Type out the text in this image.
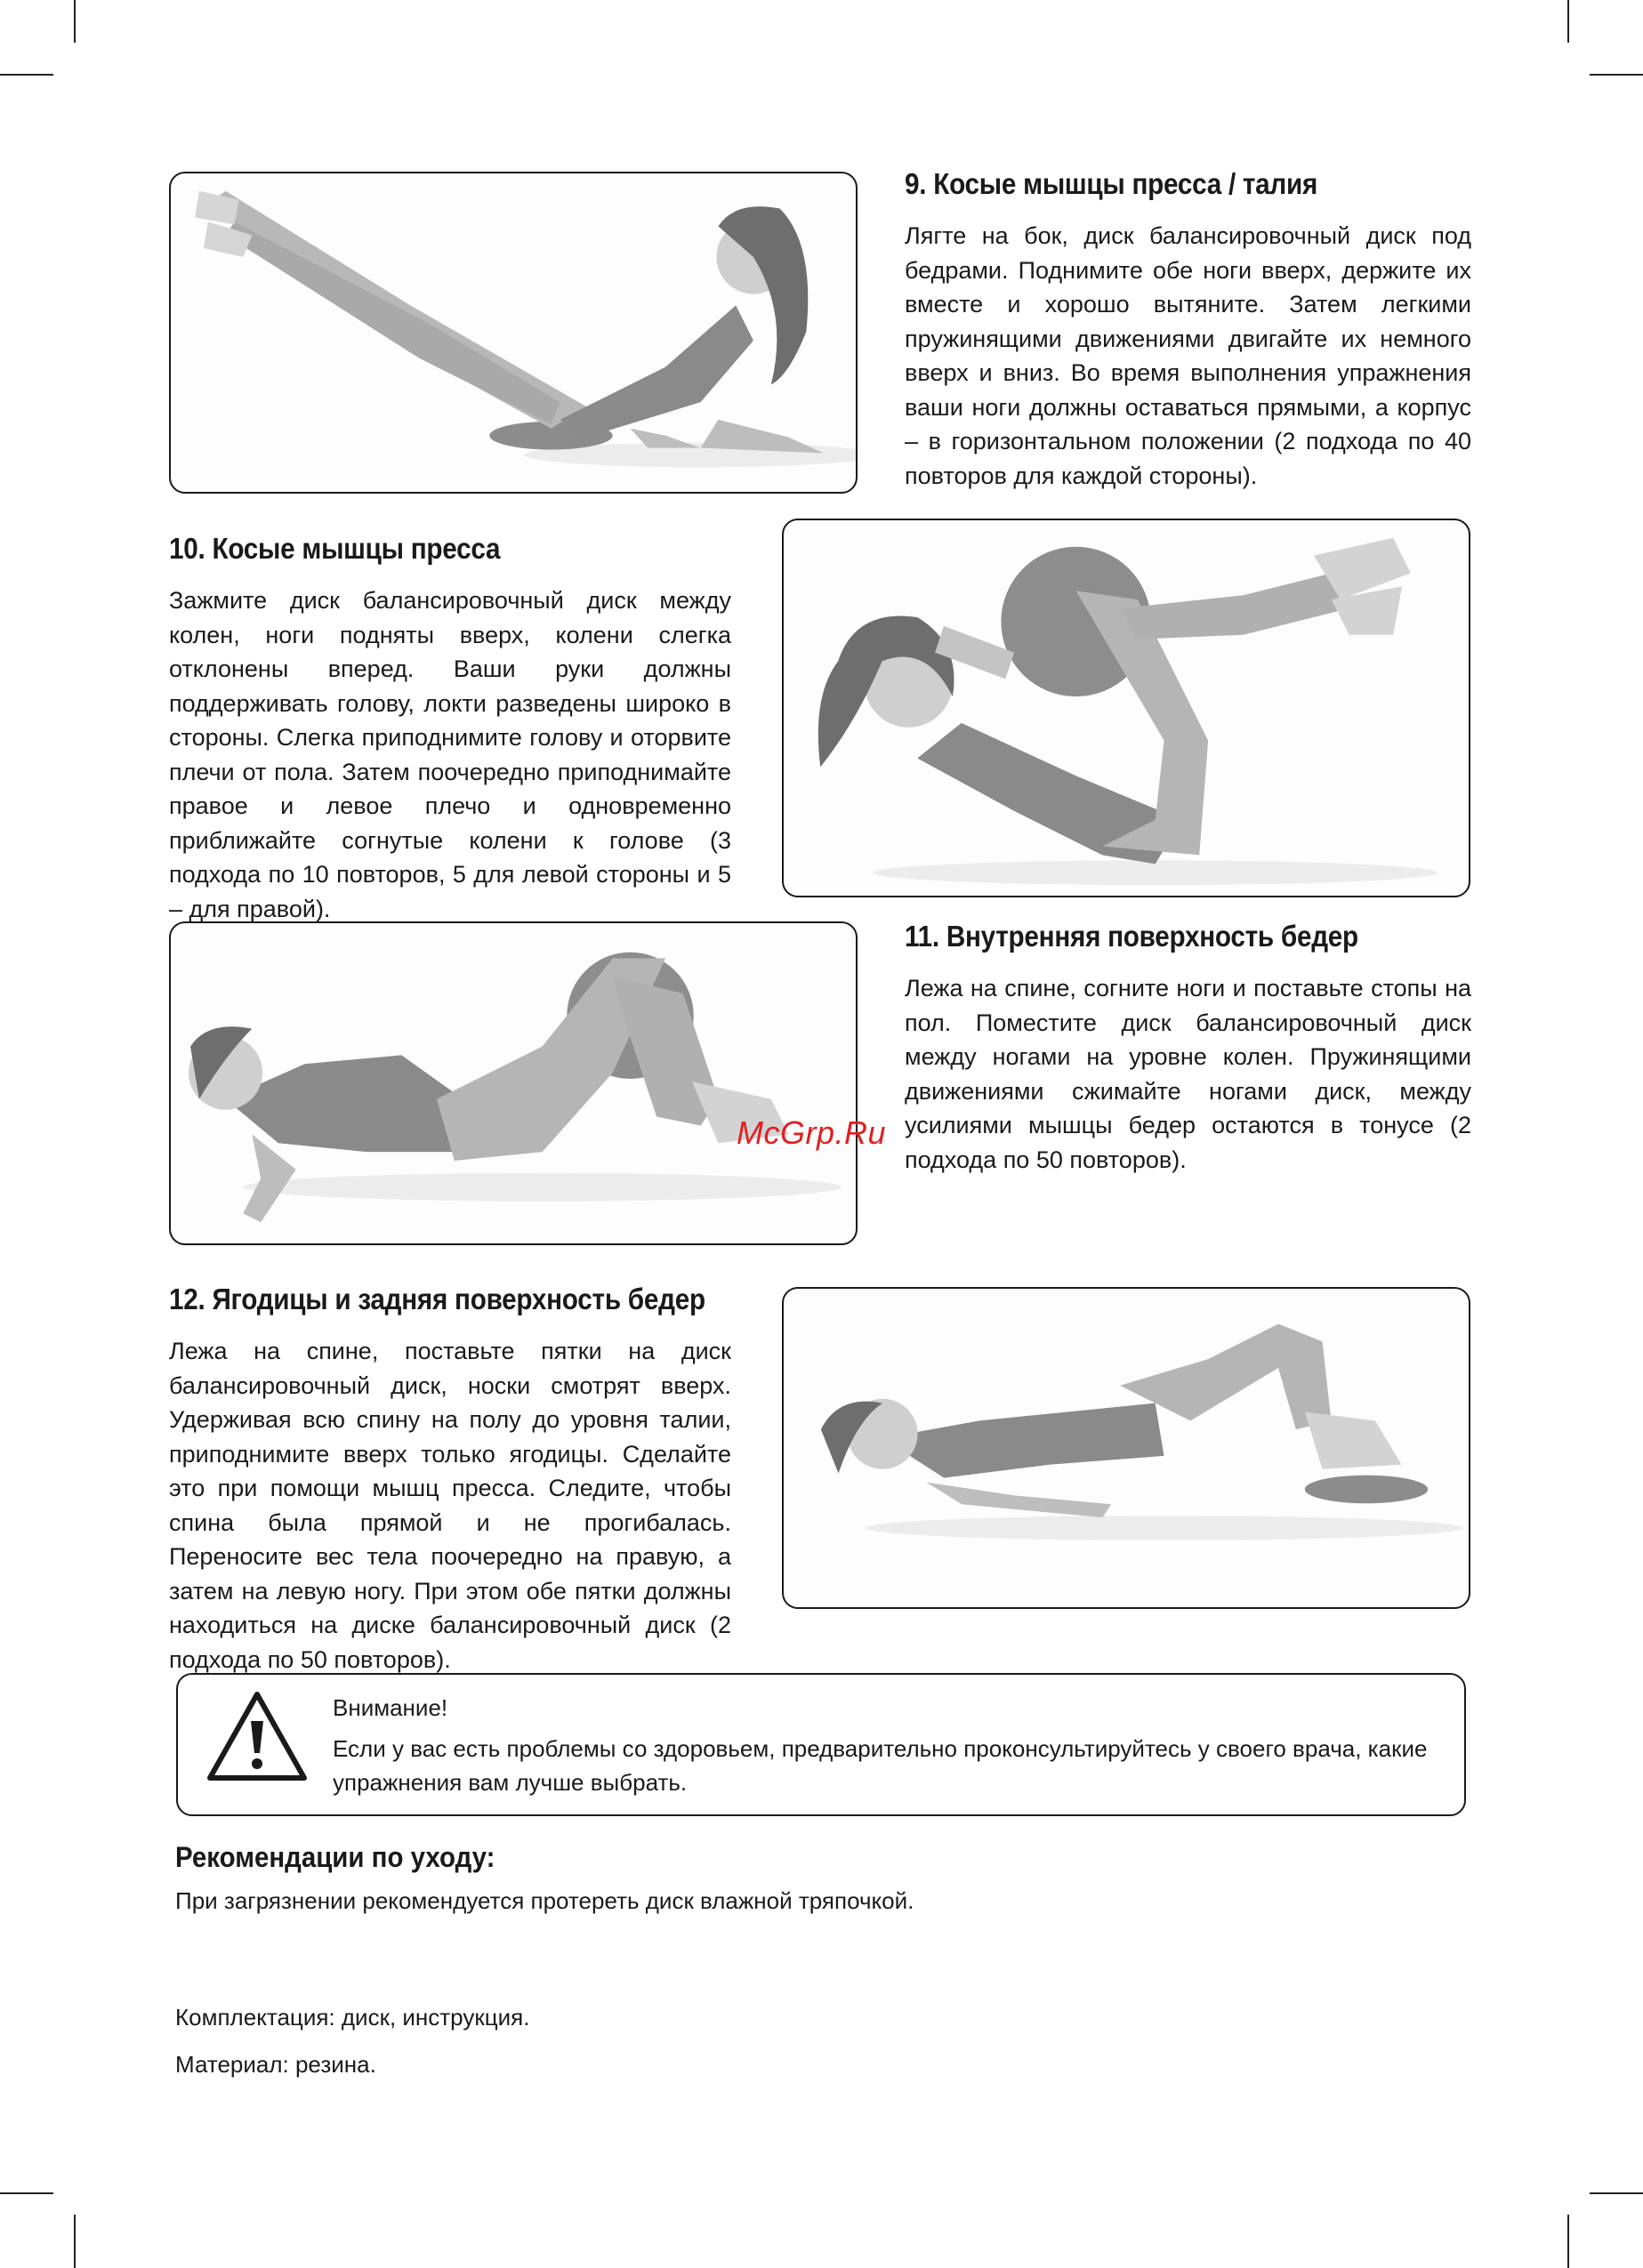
9. Косые мышцы пресса / талия

Лягте на бок, диск балансировочный диск под бедрами. Поднимите обе ноги вверх, держите их вместе и хорошо вытяните. Затем легкими пружинящими движениями двигайте их немного вверх и вниз. Во время выполнения упражнения ваши ноги должны оставаться прямыми, а корпус – в горизонтальном положении (2 подхода по 40 повторов для каждой стороны).

10. Косые мышцы пресса

Зажмите диск балансировочный диск между колен, ноги подняты вверх, колени слегка отклонены вперед. Ваши руки должны поддерживать голову, локти разведены широко в стороны. Слегка приподнимите голову и оторвите плечи от пола. Затем поочередно приподнимайте правое и левое плечо и одновременно приближайте согнутые колени к голове (3 подхода по 10 повторов, 5 для левой стороны и 5 – для правой).

11. Внутренняя поверхность бедер

Лежа на спине, согните ноги и поставьте стопы на пол. Поместите диск балансировочный диск между ногами на уровне колен. Пружинящими движениями сжимайте ногами диск, между усилиями мышцы бедер остаются в тонусе (2 подхода по 50 повторов).

McGrp.Ru
12. Ягодицы и задняя поверхность бедер

Лежа на спине, поставьте пятки на диск балансировочный диск, носки смотрят вверх. Удерживая всю спину на полу до уровня талии, приподнимите вверх только ягодицы. Сделайте это при помощи мышц пресса. Следите, чтобы спина была прямой и не прогибалась. Переносите вес тела поочередно на правую, а затем на левую ногу. При этом обе пятки должны находиться на диске балансировочный диск (2 подхода по 50 повторов).

Внимание!
Если у вас есть проблемы со здоровьем, предварительно проконсультируйтесь у своего врача, какие упражнения вам лучше выбрать.
Рекомендации по уходу:
При загрязнении рекомендуется протереть диск влажной тряпочкой.
Комплектация: диск, инструкция.
Материал: резина.
